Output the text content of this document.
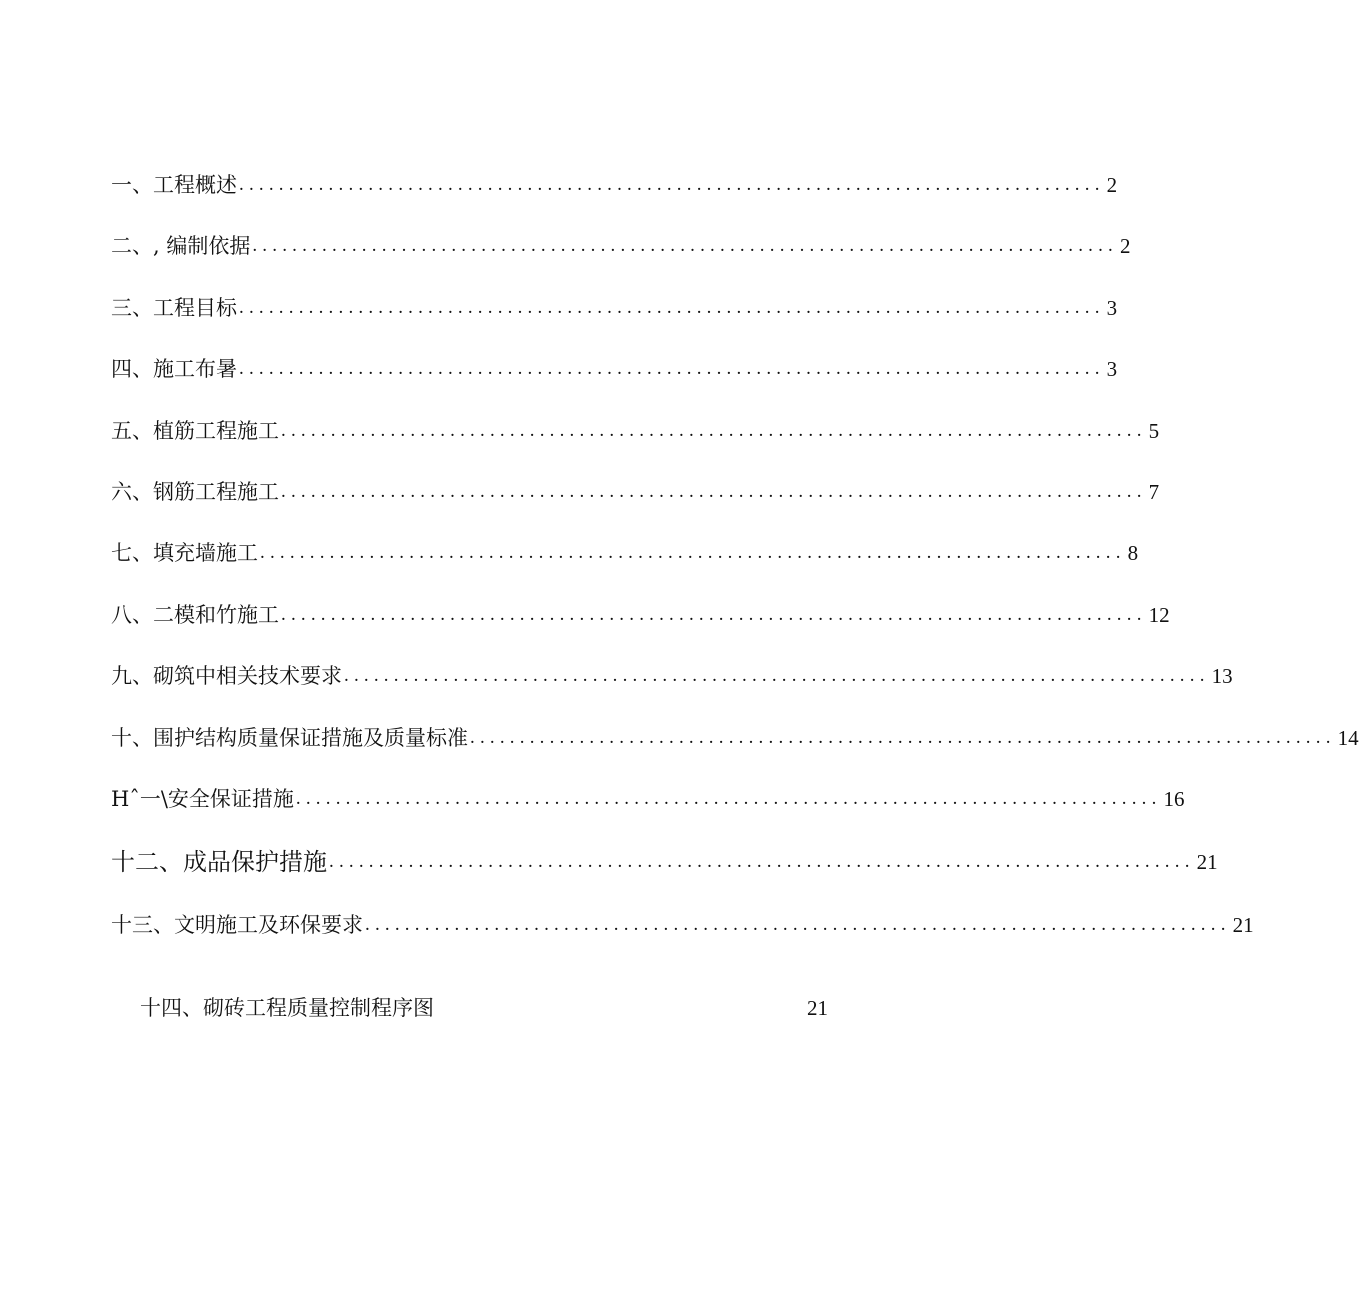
一、工程概述 ....................................................................................... 2
二、, 编制依据 ....................................................................................... 2
三、工程目标 ....................................................................................... 3
四、施工布暑 ....................................................................................... 3
五、植筋工程施工 ....................................................................................... 5
六、钢筋工程施工 ....................................................................................... 7
七、填充墙施工 ....................................................................................... 8
八、二模和竹施工 ....................................................................................... 12
九、砌筑中相关技术要求 ....................................................................................... 13
十、围护结构质量保证措施及质量标准 ....................................................................................... 14
Hˆ一\安全保证措施 ....................................................................................... 16
十二、成品保护措施 ....................................................................................... 21
十三、文明施工及环保要求 ....................................................................................... 21
十四、砌砖工程质量控制程序图	21
